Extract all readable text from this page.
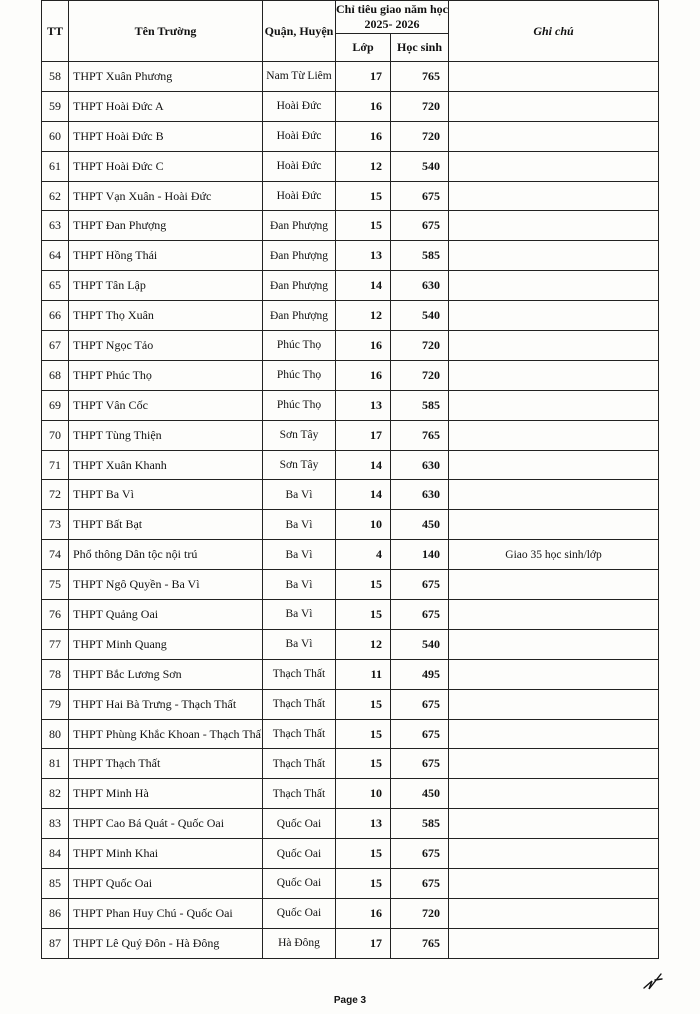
TT	Tên Trường	Quận, Huyện	Chỉ tiêu giao năm học 2025- 2026		Ghi chú
			Lớp	Học sinh	
58	THPT Xuân Phương	Nam Từ Liêm	17	765	
59	THPT Hoài Đức A	Hoài Đức	16	720	
60	THPT Hoài Đức B	Hoài Đức	16	720	
61	THPT Hoài Đức C	Hoài Đức	12	540	
62	THPT Vạn Xuân - Hoài Đức	Hoài Đức	15	675	
63	THPT Đan Phượng	Đan Phượng	15	675	
64	THPT Hồng Thái	Đan Phượng	13	585	
65	THPT Tân Lập	Đan Phượng	14	630	
66	THPT Thọ Xuân	Đan Phượng	12	540	
67	THPT Ngọc Tảo	Phúc Thọ	16	720	
68	THPT Phúc Thọ	Phúc Thọ	16	720	
69	THPT Vân Cốc	Phúc Thọ	13	585	
70	THPT Tùng Thiện	Sơn Tây	17	765	
71	THPT Xuân Khanh	Sơn Tây	14	630	
72	THPT Ba Vì	Ba Vì	14	630	
73	THPT Bất Bạt	Ba Vì	10	450	
74	Phổ thông Dân tộc nội trú	Ba Vì	4	140	Giao 35 học sinh/lớp
75	THPT Ngô Quyền - Ba Vì	Ba Vì	15	675	
76	THPT Quảng Oai	Ba Vì	15	675	
77	THPT Minh Quang	Ba Vì	12	540	
78	THPT Bắc Lương Sơn	Thạch Thất	11	495	
79	THPT Hai Bà Trưng - Thạch Thất	Thạch Thất	15	675	
80	THPT Phùng Khắc Khoan - Thạch Thấ	Thạch Thất	15	675	
81	THPT Thạch Thất	Thạch Thất	15	675	
82	THPT Minh Hà	Thạch Thất	10	450	
83	THPT Cao Bá Quát - Quốc Oai	Quốc Oai	13	585	
84	THPT Minh Khai	Quốc Oai	15	675	
85	THPT Quốc Oai	Quốc Oai	15	675	
86	THPT Phan Huy Chú - Quốc Oai	Quốc Oai	16	720	
87	THPT Lê Quý Đôn - Hà Đông	Hà Đông	17	765	
Page 3
